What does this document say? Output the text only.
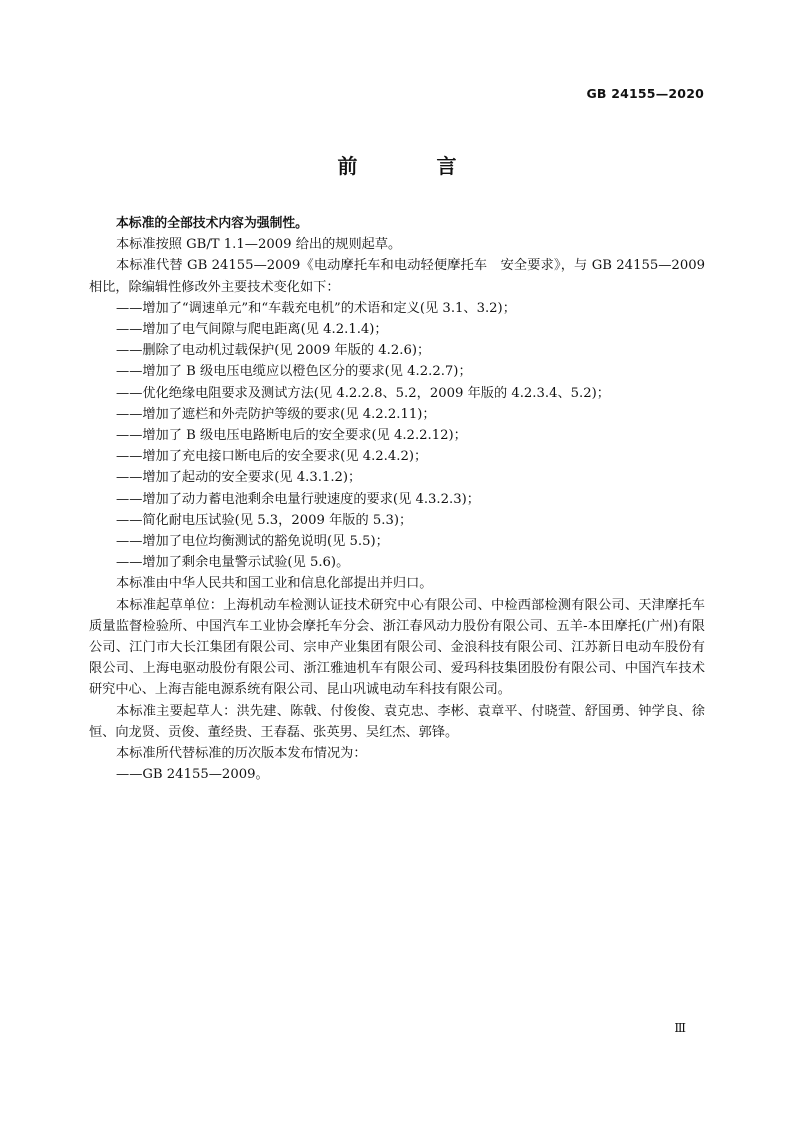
GB 24155—2020
前 言

本标准的全部技术内容为强制性。

本标准按照 GB/T 1.1—2009 给出的规则起草。

本标准代替 GB 24155—2009《电动摩托车和电动轻便摩托车　安全要求》，与 GB 24155—2009 相比，除编辑性修改外主要技术变化如下：

——增加了“调速单元”和“车载充电机”的术语和定义(见 3.1、3.2)；

——增加了电气间隙与爬电距离(见 4.2.1.4)；

——删除了电动机过载保护(见 2009 年版的 4.2.6)；

——增加了 B 级电压电缆应以橙色区分的要求(见 4.2.2.7)；

——优化绝缘电阻要求及测试方法(见 4.2.2.8、5.2，2009 年版的 4.2.3.4、5.2)；

——增加了遮栏和外壳防护等级的要求(见 4.2.2.11)；

——增加了 B 级电压电路断电后的安全要求(见 4.2.2.12)；

——增加了充电接口断电后的安全要求(见 4.2.4.2)；

——增加了起动的安全要求(见 4.3.1.2)；

——增加了动力蓄电池剩余电量行驶速度的要求(见 4.3.2.3)；

——简化耐电压试验(见 5.3，2009 年版的 5.3)；

——增加了电位均衡测试的豁免说明(见 5.5)；

——增加了剩余电量警示试验(见 5.6)。

本标准由中华人民共和国工业和信息化部提出并归口。

本标准起草单位：上海机动车检测认证技术研究中心有限公司、中检西部检测有限公司、天津摩托车质量监督检验所、中国汽车工业协会摩托车分会、浙江春风动力股份有限公司、五羊-本田摩托(广州)有限公司、江门市大长江集团有限公司、宗申产业集团有限公司、金浪科技有限公司、江苏新日电动车股份有限公司、上海电驱动股份有限公司、浙江雅迪机车有限公司、爱玛科技集团股份有限公司、中国汽车技术研究中心、上海吉能电源系统有限公司、昆山巩诚电动车科技有限公司。

本标准主要起草人：洪先建、陈戟、付俊俊、袁克忠、李彬、袁章平、付晓萱、舒国勇、钟学良、徐恒、向龙贤、贡俊、董经贵、王春磊、张英男、吴红杰、郭锋。

本标准所代替标准的历次版本发布情况为：

——GB 24155—2009。

Ⅲ
